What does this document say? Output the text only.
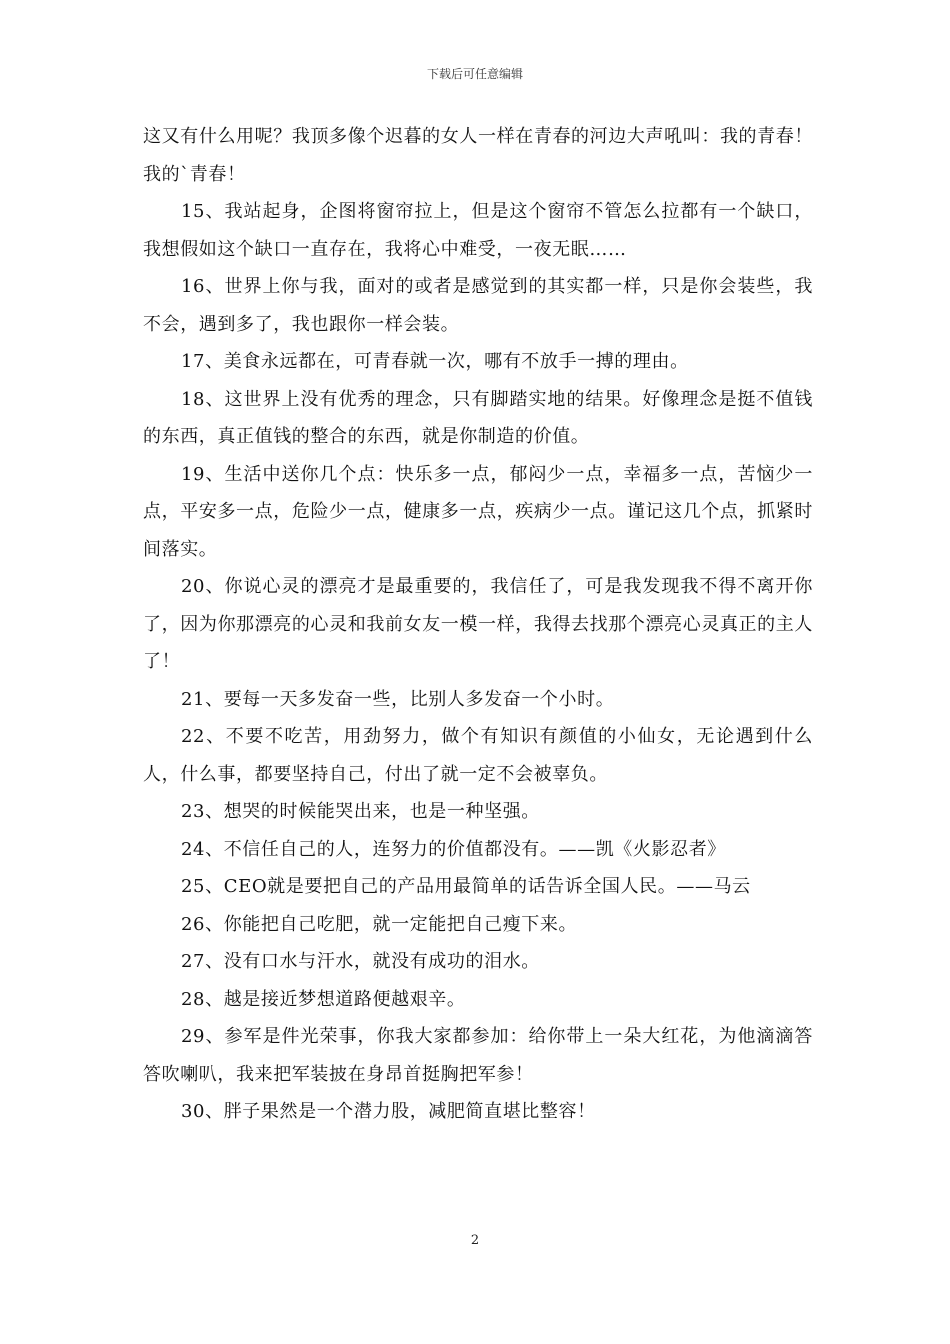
下载后可任意编辑

这又有什么用呢？我顶多像个迟暮的女人一样在青春的河边大声吼叫：我的青春！我的`青春！

15、我站起身，企图将窗帘拉上，但是这个窗帘不管怎么拉都有一个缺口，我想假如这个缺口一直存在，我将心中难受，一夜无眠……

16、世界上你与我，面对的或者是感觉到的其实都一样，只是你会装些，我不会，遇到多了，我也跟你一样会装。

17、美食永远都在，可青春就一次，哪有不放手一搏的理由。

18、这世界上没有优秀的理念，只有脚踏实地的结果。好像理念是挺不值钱的东西，真正值钱的整合的东西，就是你制造的价值。

19、生活中送你几个点：快乐多一点，郁闷少一点，幸福多一点，苦恼少一点，平安多一点，危险少一点，健康多一点，疾病少一点。谨记这几个点，抓紧时间落实。

20、你说心灵的漂亮才是最重要的，我信任了，可是我发现我不得不离开你了，因为你那漂亮的心灵和我前女友一模一样，我得去找那个漂亮心灵真正的主人了！

21、要每一天多发奋一些，比别人多发奋一个小时。

22、不要不吃苦，用劲努力，做个有知识有颜值的小仙女，无论遇到什么人，什么事，都要坚持自己，付出了就一定不会被辜负。

23、想哭的时候能哭出来，也是一种坚强。

24、不信任自己的人，连努力的价值都没有。——凯《火影忍者》

25、CEO就是要把自己的产品用最简单的话告诉全国人民。——马云

26、你能把自己吃肥，就一定能把自己瘦下来。

27、没有口水与汗水，就没有成功的泪水。

28、越是接近梦想道路便越艰辛。

29、参军是件光荣事，你我大家都参加：给你带上一朵大红花，为他滴滴答答吹喇叭，我来把军装披在身昂首挺胸把军参！

30、胖子果然是一个潜力股，减肥简直堪比整容！

2
